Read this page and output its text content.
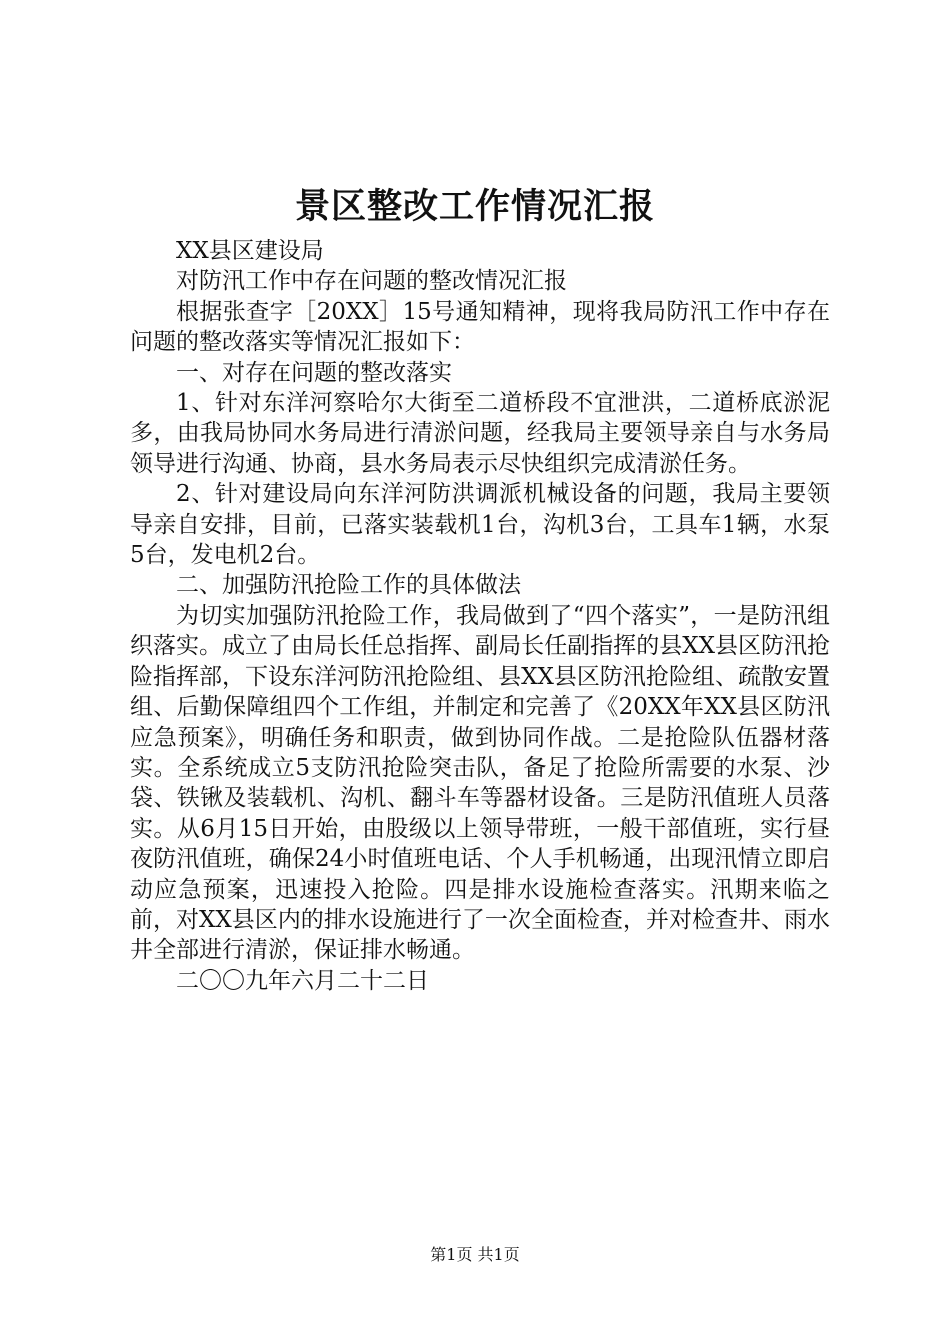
景区整改工作情况汇报

XX县区建设局

对防汛工作中存在问题的整改情况汇报

根据张查字［20XX］15号通知精神，现将我局防汛工作中存在问题的整改落实等情况汇报如下：

一、对存在问题的整改落实

1、针对东洋河察哈尔大街至二道桥段不宜泄洪，二道桥底淤泥多，由我局协同水务局进行清淤问题，经我局主要领导亲自与水务局领导进行沟通、协商，县水务局表示尽快组织完成清淤任务。

2、针对建设局向东洋河防洪调派机械设备的问题，我局主要领导亲自安排，目前，已落实装载机1台，沟机3台，工具车1辆，水泵5台，发电机2台。

二、加强防汛抢险工作的具体做法

为切实加强防汛抢险工作，我局做到了“四个落实”，一是防汛组织落实。成立了由局长任总指挥、副局长任副指挥的县XX县区防汛抢险指挥部，下设东洋河防汛抢险组、县XX县区防汛抢险组、疏散安置组、后勤保障组四个工作组，并制定和完善了《20XX年XX县区防汛应急预案》，明确任务和职责，做到协同作战。二是抢险队伍器材落实。全系统成立5支防汛抢险突击队，备足了抢险所需要的水泵、沙袋、铁锹及装载机、沟机、翻斗车等器材设备。三是防汛值班人员落实。从6月15日开始，由股级以上领导带班，一般干部值班，实行昼夜防汛值班，确保24小时值班电话、个人手机畅通，出现汛情立即启动应急预案，迅速投入抢险。四是排水设施检查落实。汛期来临之前，对XX县区内的排水设施进行了一次全面检查，并对检查井、雨水井全部进行清淤，保证排水畅通。

二〇〇九年六月二十二日

第1页 共1页
